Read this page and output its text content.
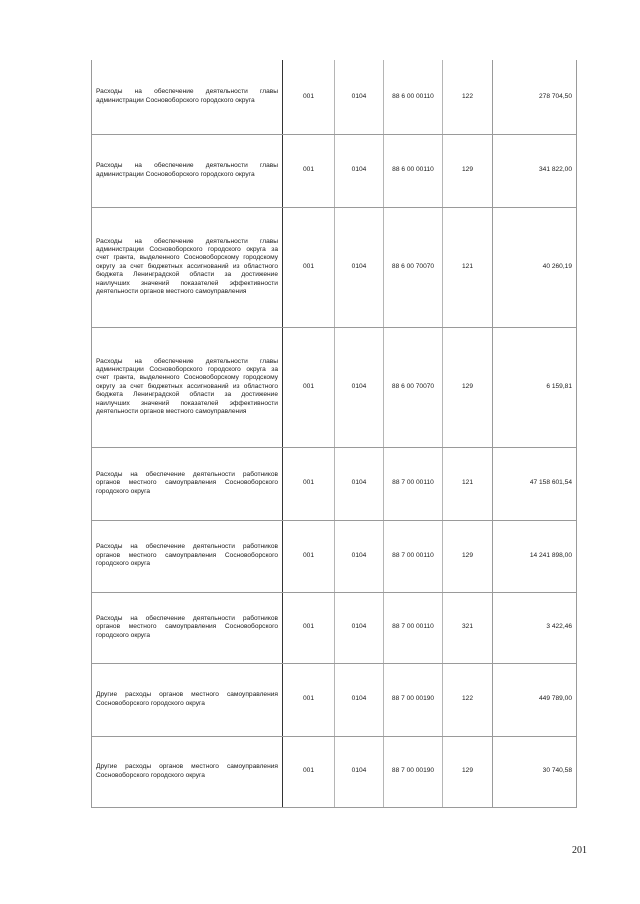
Расходы на обеспечение деятельности главы администрации Сосновоборского городского округа	001	0104	88 6 00 00110	122	278 704,50
Расходы на обеспечение деятельности главы администрации Сосновоборского городского округа	001	0104	88 6 00 00110	129	341 822,00
Расходы на обеспечение деятельности главы администрации Сосновоборского городского округа за счет гранта, выделенного Сосновоборскому городскому округу за счет бюджетных ассигнований из областного бюджета Ленинградской области за достижение наилучших значений показателей эффективности деятельности органов местного самоуправления	001	0104	88 6 00 70070	121	40 260,19
Расходы на обеспечение деятельности главы администрации Сосновоборского городского округа за счет гранта, выделенного Сосновоборскому городскому округу за счет бюджетных ассигнований из областного бюджета Ленинградской области за достижение наилучших значений показателей эффективности деятельности органов местного самоуправления	001	0104	88 6 00 70070	129	6 159,81
Расходы на обеспечение деятельности работников органов местного самоуправления Сосновоборского городского округа	001	0104	88 7 00 00110	121	47 158 601,54
Расходы на обеспечение деятельности работников органов местного самоуправления Сосновоборского городского округа	001	0104	88 7 00 00110	129	14 241 898,00
Расходы на обеспечение деятельности работников органов местного самоуправления Сосновоборского городского округа	001	0104	88 7 00 00110	321	3 422,46
Другие расходы органов местного самоуправления Сосновоборского городского округа	001	0104	88 7 00 00190	122	449 789,00
Другие расходы органов местного самоуправления Сосновоборского городского округа	001	0104	88 7 00 00190	129	30 740,58
201
